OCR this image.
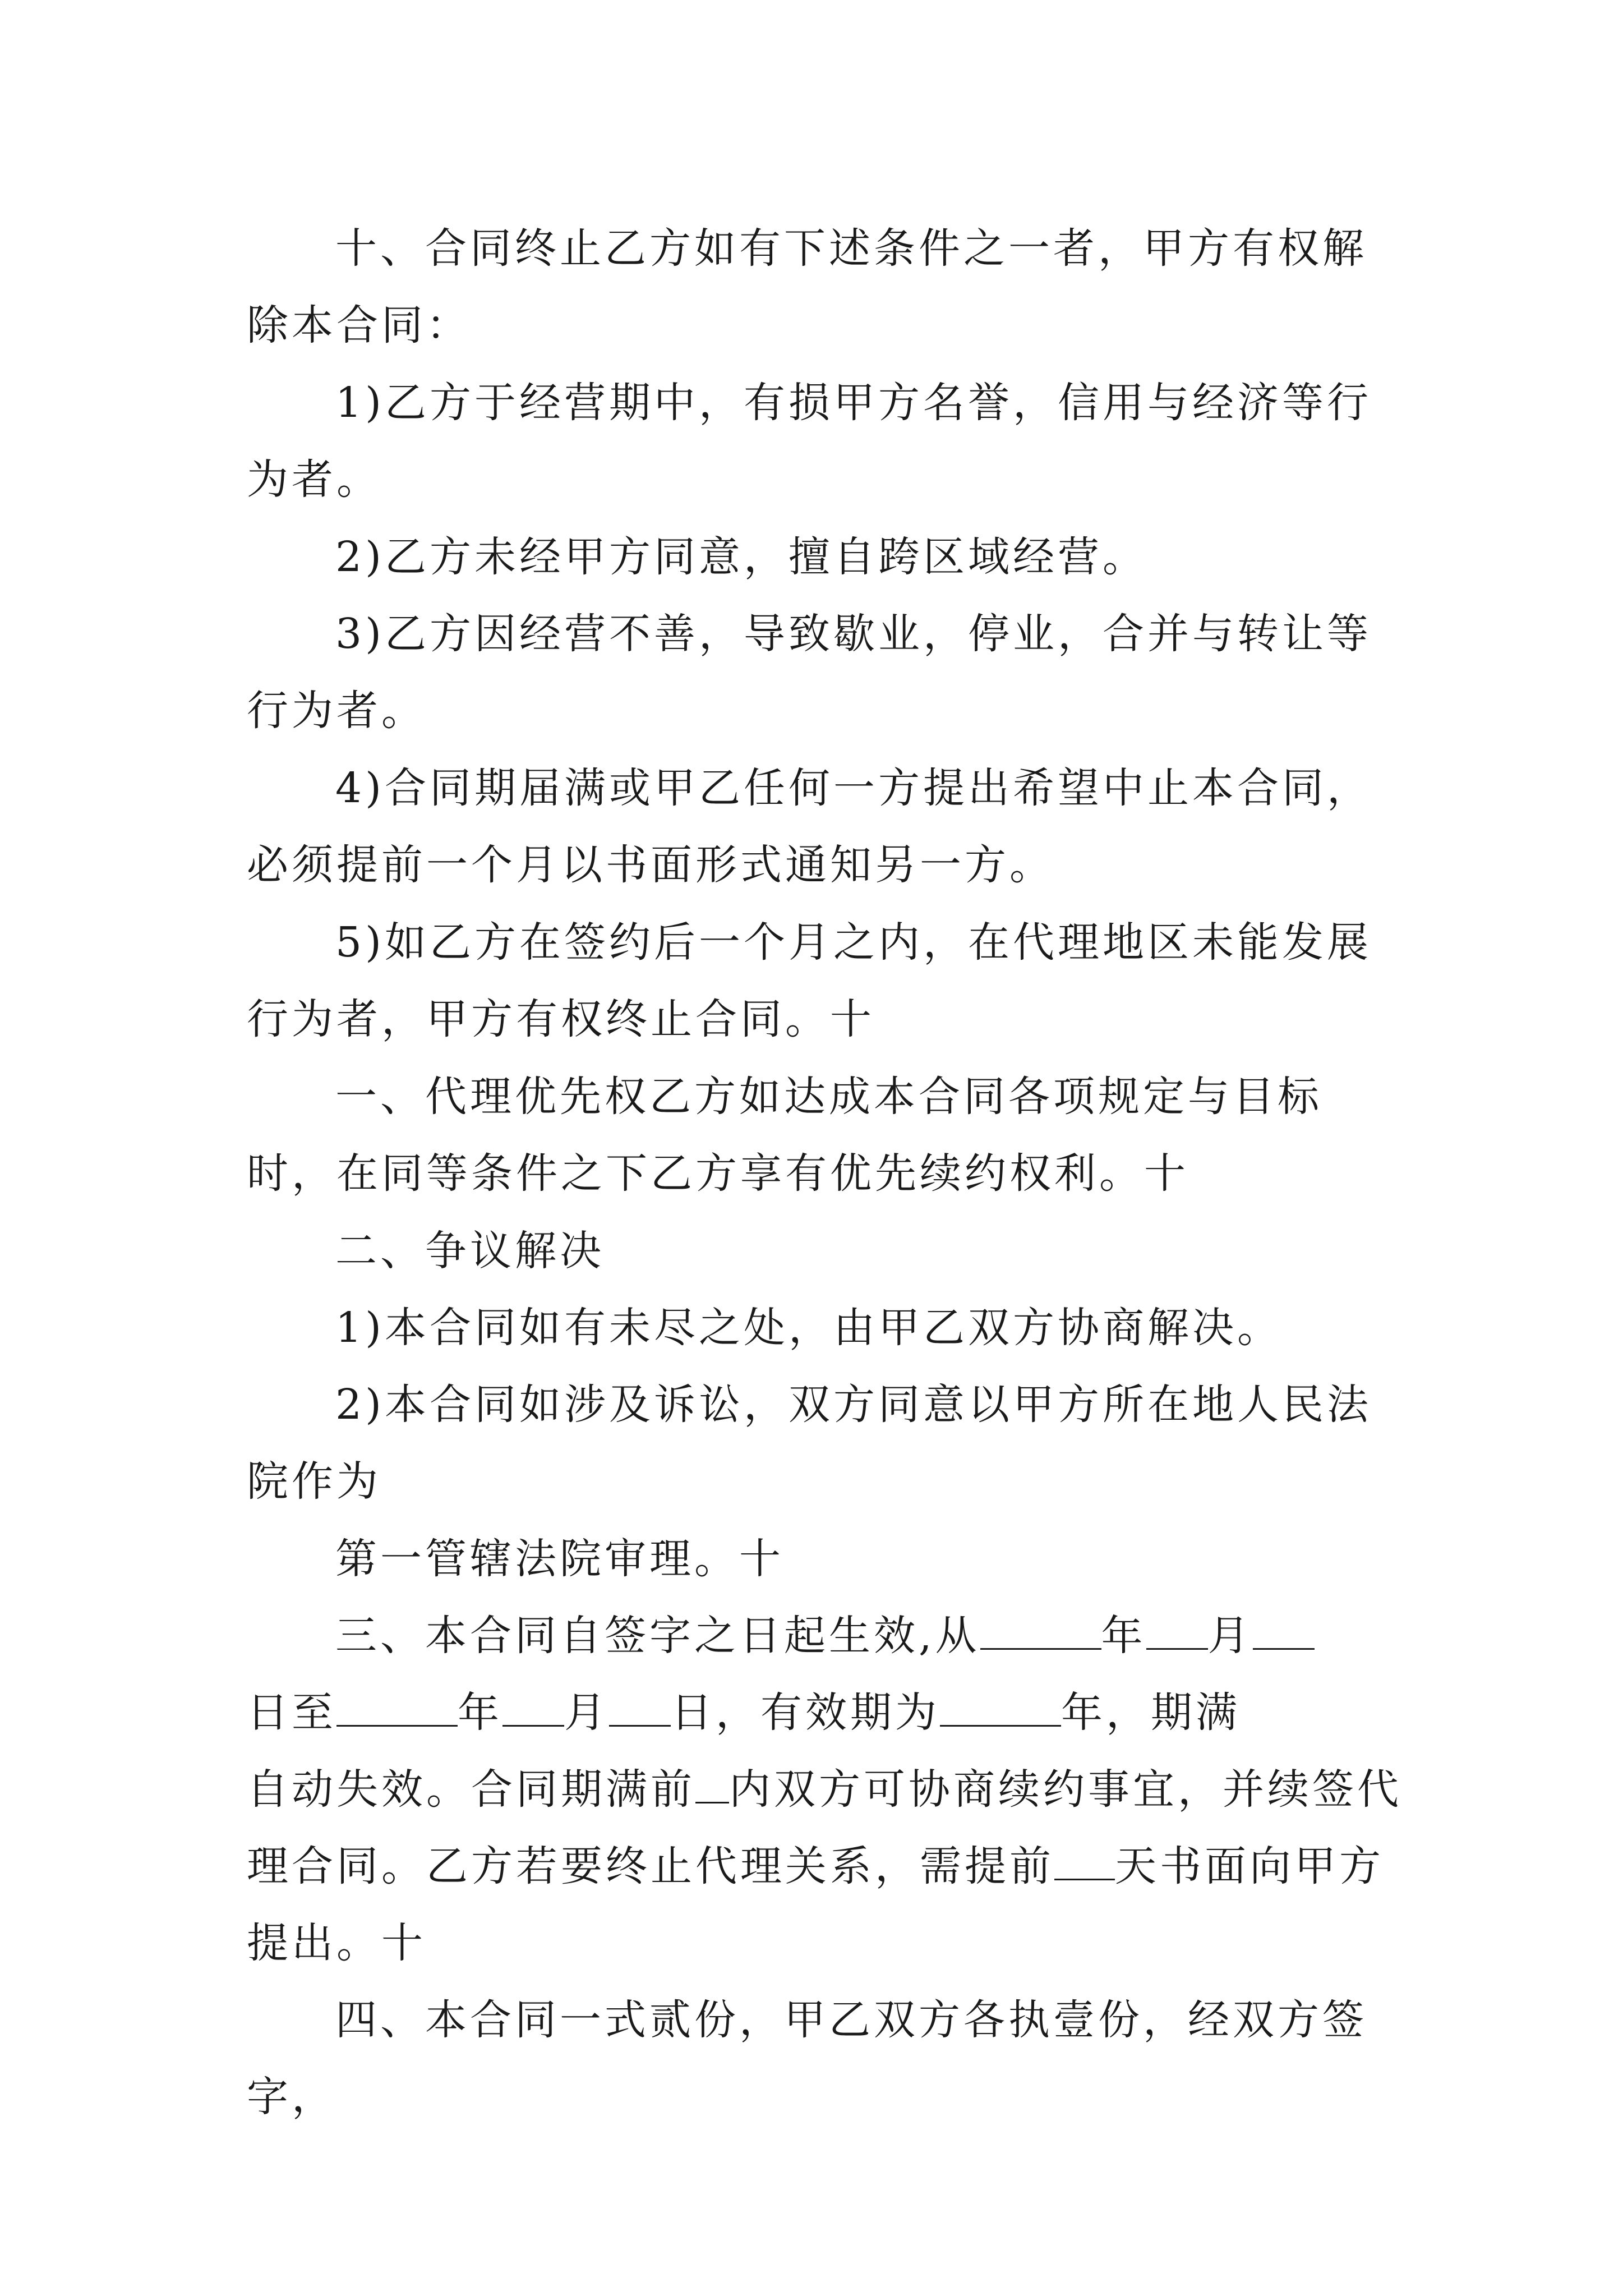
十、合同终止乙方如有下述条件之一者，甲方有权解除本合同：

1)乙方于经营期中，有损甲方名誉，信用与经济等行为者。

2)乙方未经甲方同意，擅自跨区域经营。

3)乙方因经营不善，导致歇业，停业，合并与转让等行为者。

4)合同期届满或甲乙任何一方提出希望中止本合同，必须提前一个月以书面形式通知另一方。

5)如乙方在签约后一个月之内，在代理地区未能发展行为者，甲方有权终止合同。十

一、代理优先权乙方如达成本合同各项规定与目标时，在同等条件之下乙方享有优先续约权利。十

二、争议解决

1)本合同如有未尽之处，由甲乙双方协商解决。

2)本合同如涉及诉讼，双方同意以甲方所在地人民法院作为

第一管辖法院审理。十

三、本合同自签字之日起生效,从	年 月
日至	年 月 日，有效期为	年，期满
自动失效。合同期满前 内双方可协商续约事宜，并续签代
理合同。乙方若要终止代理关系，需提前 天书面向甲方
提出。十

四、本合同一式贰份，甲乙双方各执壹份，经双方签字，
